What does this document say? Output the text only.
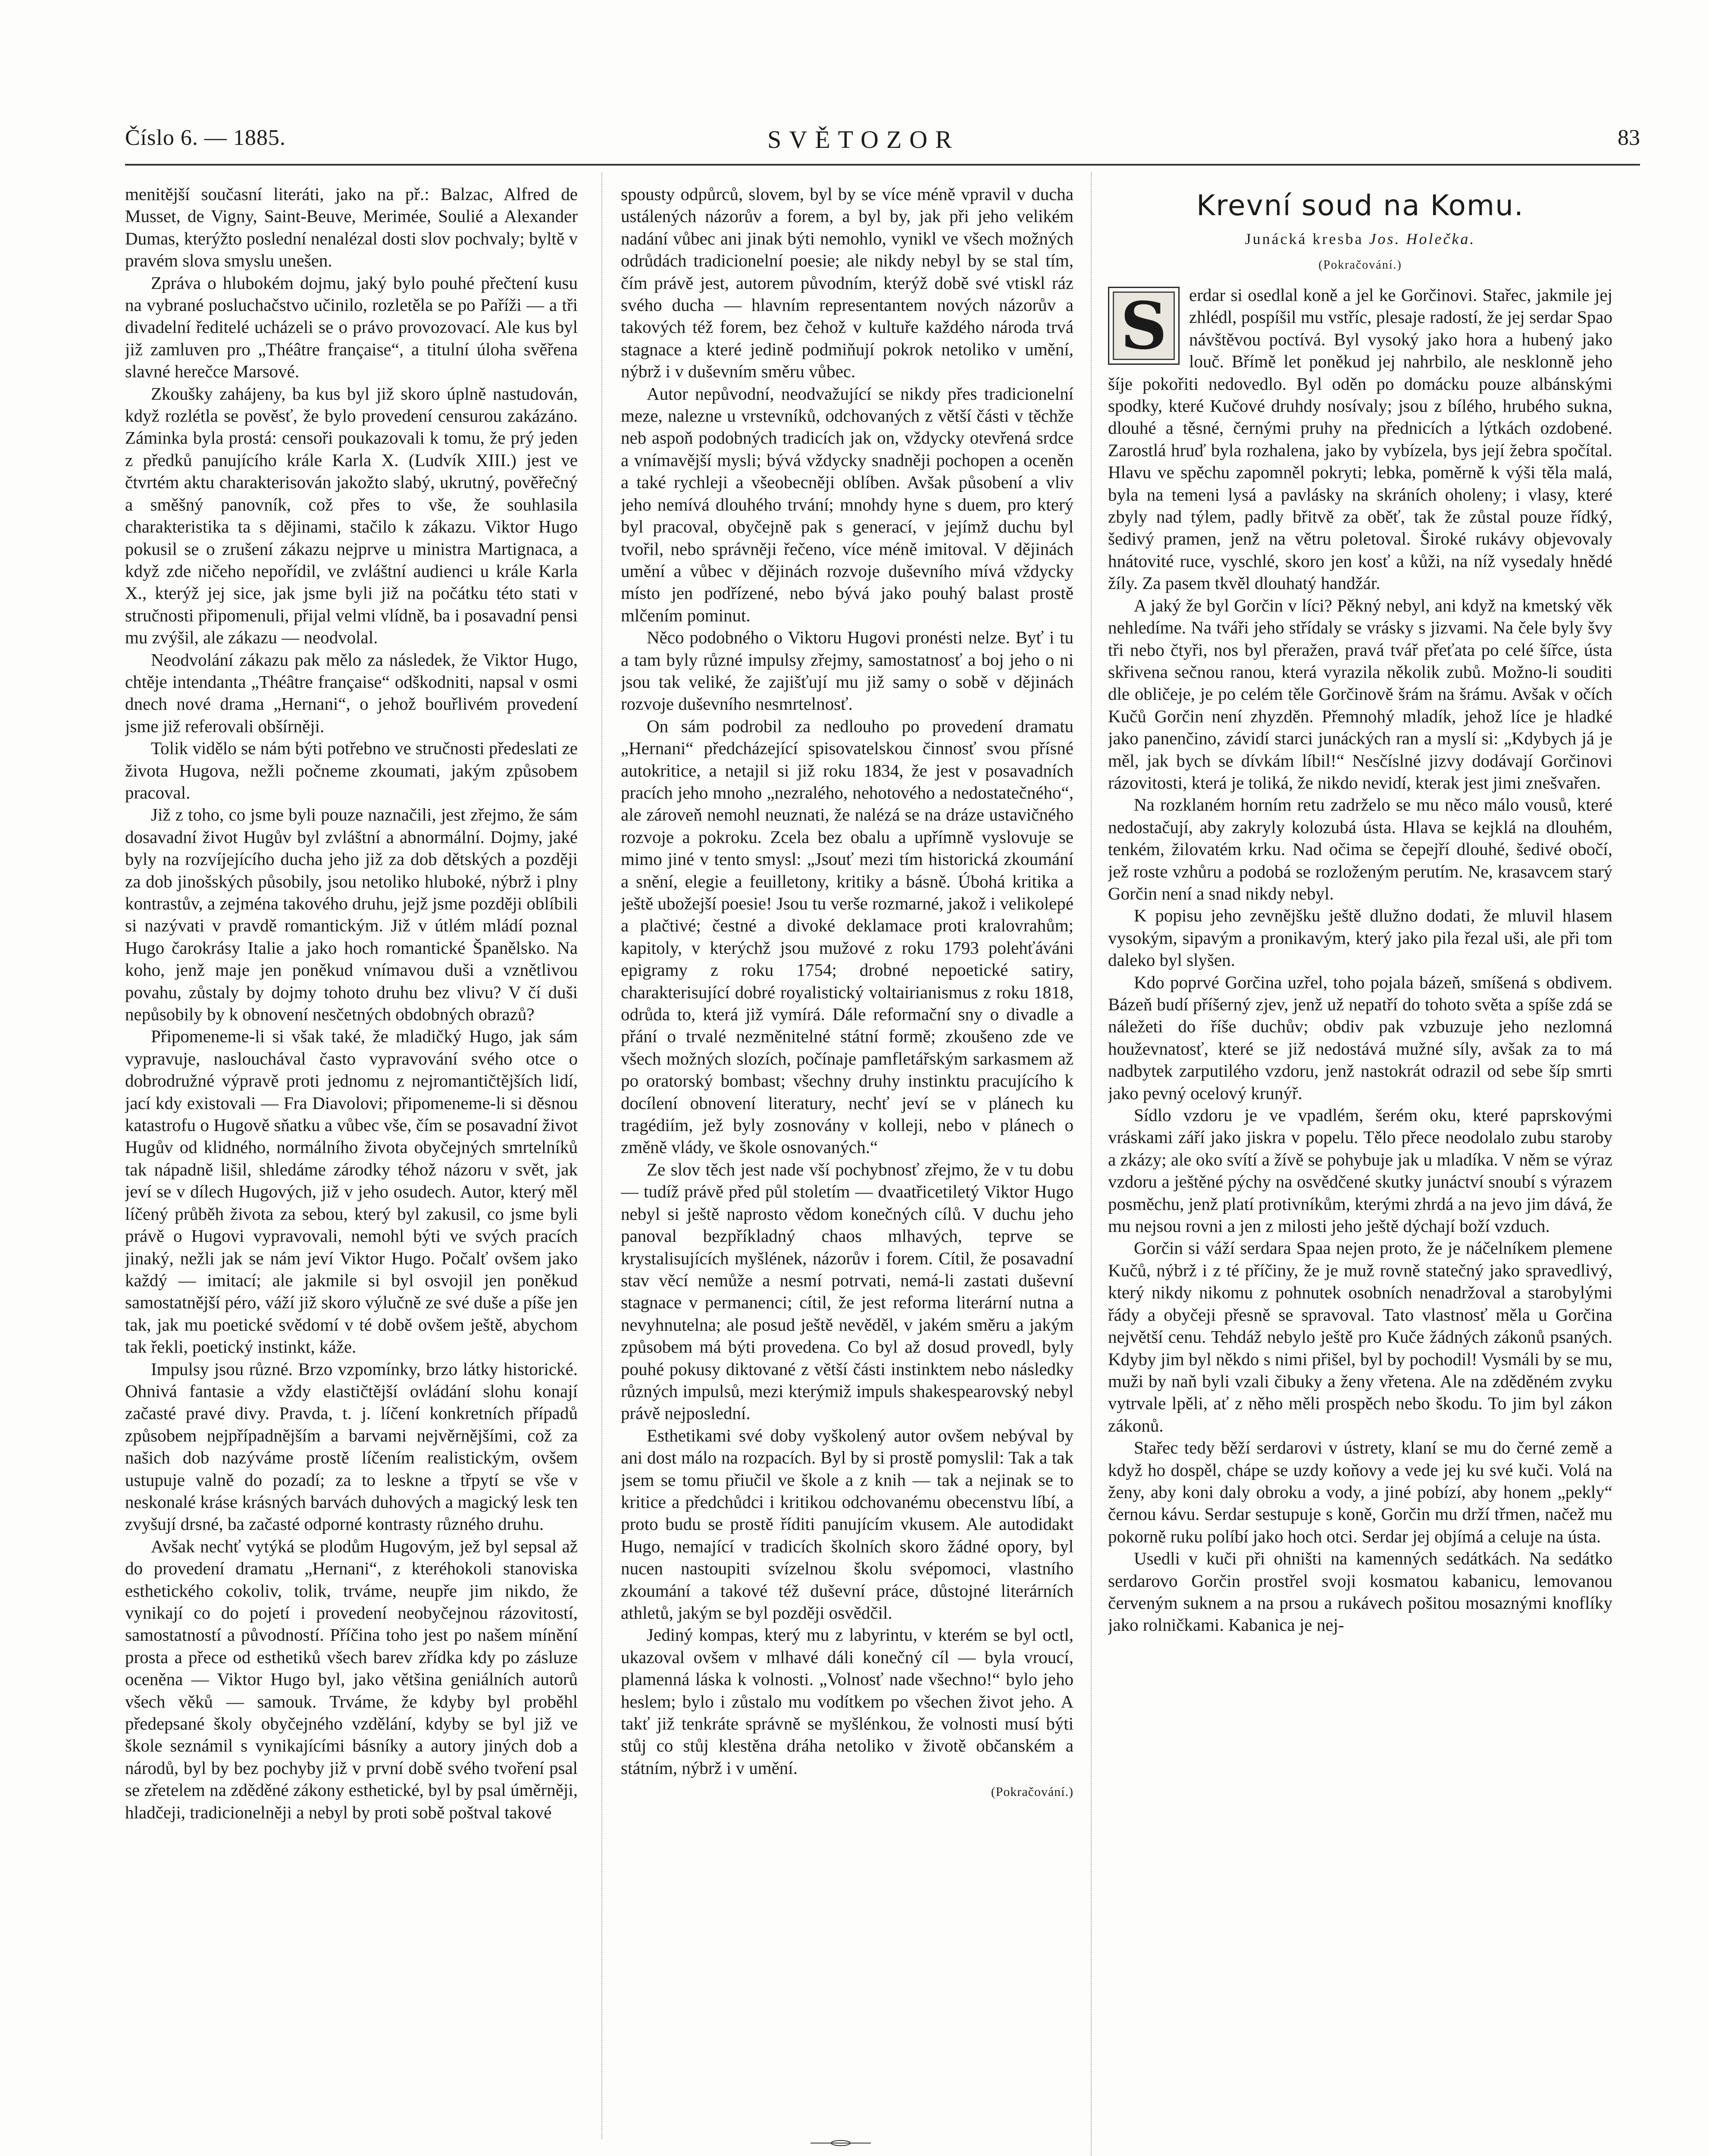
Číslo 6. — 1885.	SVĚTOZOR	83

menitější současní literáti, jako na př.: Balzac, Alfred de Musset, de Vigny, Saint-Beuve, Merimée, Soulié a Alexander Dumas, kterýžto poslední nenalézal dosti slov pochvaly; byltě v pravém slova smyslu unešen.

Zpráva o hlubokém dojmu, jaký bylo pouhé přečtení kusu na vybrané posluchačstvo učinilo, rozletěla se po Paříži — a tři divadelní ředitelé ucházeli se o právo provozovací. Ale kus byl již zamluven pro „Théâtre française“, a titulní úloha svěřena slavné herečce Marsové.

Zkoušky zahájeny, ba kus byl již skoro úplně nastudován, když rozlétla se pověsť, že bylo provedení censurou zakázáno. Záminka byla prostá: censoři poukazovali k tomu, že prý jeden z předků panujícího krále Karla X. (Ludvík XIII.) jest ve čtvrtém aktu charakterisován jakožto slabý, ukrutný, pověřečný a směšný panovník, což přes to vše, že souhlasila charakteristika ta s dějinami, stačilo k zákazu. Viktor Hugo pokusil se o zrušení zákazu nejprve u ministra Martignaca, a když zde ničeho nepořídil, ve zvláštní audienci u krále Karla X., kterýž jej sice, jak jsme byli již na počátku této stati v stručnosti připomenuli, přijal velmi vlídně, ba i posavadní pensi mu zvýšil, ale zákazu — neodvolal.

Neodvolání zákazu pak mělo za následek, že Viktor Hugo, chtěje intendanta „Théâtre française“ odškodniti, napsal v osmi dnech nové drama „Hernani“, o jehož bouřlivém provedení jsme již referovali obšírněji.

Tolik vidělo se nám býti potřebno ve stručnosti předeslati ze života Hugova, nežli počneme zkoumati, jakým způsobem pracoval.

Již z toho, co jsme byli pouze naznačili, jest zřejmo, že sám dosavadní život Hugův byl zvláštní a abnormální. Dojmy, jaké byly na rozvíjejícího ducha jeho již za dob dětských a později za dob jinošských působily, jsou netoliko hluboké, nýbrž i plny kontrastův, a zejména takového druhu, jejž jsme později oblíbili si nazývati v pravdě romantickým. Již v útlém mládí poznal Hugo čarokrásy Italie a jako hoch romantické Španělsko. Na koho, jenž maje jen poněkud vnímavou duši a vznětlivou povahu, zůstaly by dojmy tohoto druhu bez vlivu? V čí duši nepůsobily by k obnovení nesčetných obdobných obrazů?

Připomeneme-li si však také, že mladičký Hugo, jak sám vypravuje, naslouchával často vypravování svého otce o dobrodružné výpravě proti jednomu z nejromantičtějších lidí, jací kdy existovali — Fra Diavolovi; připomeneme-li si děsnou katastrofu o Hugově sňatku a vůbec vše, čím se posavadní život Hugův od klidného, normálního života obyčejných smrtelníků tak nápadně lišil, shledáme zárodky téhož názoru v svět, jak jeví se v dílech Hugových, již v jeho osudech. Autor, který měl líčený průběh života za sebou, který byl zakusil, co jsme byli právě o Hugovi vypravovali, nemohl býti ve svých pracích jinaký, nežli jak se nám jeví Viktor Hugo. Počalť ovšem jako každý — imitací; ale jakmile si byl osvojil jen poněkud samostatnější péro, váží již skoro výlučně ze své duše a píše jen tak, jak mu poetické svědomí v té době ovšem ještě, abychom tak řekli, poetický instinkt, káže.

Impulsy jsou různé. Brzo vzpomínky, brzo látky historické. Ohnivá fantasie a vždy elastičtější ovládání slohu konají začasté pravé divy. Pravda, t. j. líčení konkretních případů způsobem nejpřípadnějším a barvami nejvěrnějšími, což za našich dob nazýváme prostě líčením realistickým, ovšem ustupuje valně do pozadí; za to leskne a třpytí se vše v neskonalé kráse krásných barvách duhových a magický lesk ten zvyšují drsné, ba začasté odporné kontrasty různého druhu.

Avšak nechť vytýká se plodům Hugovým, jež byl sepsal až do provedení dramatu „Hernani“, z kteréhokoli stanoviska esthetického cokoliv, tolik, trváme, neupře jim nikdo, že vynikají co do pojetí i provedení neobyčejnou rázovitostí, samostatností a původností. Příčina toho jest po našem mínění prosta a přece od esthetiků všech barev zřídka kdy po zásluze oceněna — Viktor Hugo byl, jako většina geniálních autorů všech věků — samouk. Trváme, že kdyby byl proběhl předepsané školy obyčejného vzdělání, kdyby se byl již ve škole seznámil s vynikajícími básníky a autory jiných dob a národů, byl by bez pochyby již v první době svého tvoření psal se zřetelem na zděděné zákony esthetické, byl by psal úměrněji, hladčeji, tradicionelněji a nebyl by proti sobě poštval takové

spousty odpůrců, slovem, byl by se více méně vpravil v ducha ustálených názorův a forem, a byl by, jak při jeho velikém nadání vůbec ani jinak býti nemohlo, vynikl ve všech možných odrůdách tradicionelní poesie; ale nikdy nebyl by se stal tím, čím právě jest, autorem původním, kterýž době své vtiskl ráz svého ducha — hlavním representantem nových názorův a takových též forem, bez čehož v kultuře každého národa trvá stagnace a které jedině podmiňují pokrok netoliko v umění, nýbrž i v duševním směru vůbec.

Autor nepůvodní, neodvažující se nikdy přes tradicionelní meze, nalezne u vrstevníků, odchovaných z větší části v těchže neb aspoň podobných tradicích jak on, vždycky otevřená srdce a vnímavější mysli; bývá vždycky snadněji pochopen a oceněn a také rychleji a všeobecněji oblíben. Avšak působení a vliv jeho nemívá dlouhého trvání; mnohdy hyne s duem, pro který byl pracoval, obyčejně pak s generací, v jejímž duchu byl tvořil, nebo správněji řečeno, více méně imitoval. V dějinách umění a vůbec v dějinách rozvoje duševního mívá vždycky místo jen podřízené, nebo bývá jako pouhý balast prostě mlčením pominut.

Něco podobného o Viktoru Hugovi pronésti nelze. Byť i tu a tam byly různé impulsy zřejmy, samostatnosť a boj jeho o ni jsou tak veliké, že zajišťují mu již samy o sobě v dějinách rozvoje duševního nesmrtelnosť.

On sám podrobil za nedlouho po provedení dramatu „Hernani“ předcházející spisovatelskou činnosť svou přísné autokritice, a netajil si již roku 1834, že jest v posavadních pracích jeho mnoho „nezralého, nehotového a nedostatečného“, ale zároveň nemohl neuznati, že nalézá se na dráze ustavičného rozvoje a pokroku. Zcela bez obalu a upřímně vyslovuje se mimo jiné v tento smysl: „Jsouť mezi tím historická zkoumání a snění, elegie a feuilletony, kritiky a básně. Úbohá kritika a ještě ubožejší poesie! Jsou tu verše rozmarné, jakož i velikolepé a plačtivé; čestné a divoké deklamace proti kralovrahům; kapitoly, v kterýchž jsou mužové z roku 1793 polehťáváni epigramy z roku 1754; drobné nepoetické satiry, charakterisující dobré royalistický voltairianismus z roku 1818, odrůda to, která již vymírá. Dále reformační sny o divadle a přání o trvalé nezměnitelné státní formě; zkoušeno zde ve všech možných slozích, počínaje pamfletářským sarkasmem až po oratorský bombast; všechny druhy instinktu pracujícího k docílení obnovení literatury, nechť jeví se v plánech ku tragédiím, jež byly zosnovány v kolleji, nebo v plánech o změně vlády, ve škole osnovaných.“

Ze slov těch jest nade vší pochybnosť zřejmo, že v tu dobu — tudíž právě před půl stoletím — dvaatřicetiletý Viktor Hugo nebyl si ještě naprosto vědom konečných cílů. V duchu jeho panoval bezpříkladný chaos mlhavých, teprve se krystalisujících myšlének, názorův i forem. Cítil, že posavadní stav věcí nemůže a nesmí potrvati, nemá-li zastati duševní stagnace v permanenci; cítil, že jest reforma literární nutna a nevyhnutelna; ale posud ještě nevěděl, v jakém směru a jakým způsobem má býti provedena. Co byl až dosud provedl, byly pouhé pokusy diktované z větší části instinktem nebo následky různých impulsů, mezi kterýmiž impuls shakespearovský nebyl právě nejposlední.

Esthetikami své doby vyškolený autor ovšem nebýval by ani dost málo na rozpacích. Byl by si prostě pomyslil: Tak a tak jsem se tomu přiučil ve škole a z knih — tak a nejinak se to kritice a předchůdci i kritikou odchovanému obecenstvu líbí, a proto budu se prostě říditi panujícím vkusem. Ale autodidakt Hugo, nemající v tradicích školních skoro žádné opory, byl nucen nastoupiti svízelnou školu svépomoci, vlastního zkoumání a takové též duševní práce, důstojné literárních athletů, jakým se byl později osvědčil.

Jediný kompas, který mu z labyrintu, v kterém se byl octl, ukazoval ovšem v mlhavé dáli konečný cíl — byla vroucí, plamenná láska k volnosti. „Volnosť nade všechno!“ bylo jeho heslem; bylo i zůstalo mu vodítkem po všechen život jeho. A takť již tenkráte správně se myšlénkou, že volnosti musí býti stůj co stůj klestěna dráha netoliko v životě občanském a státním, nýbrž i v umění.

(Pokračování.)
Krevní soud na Komu.
Junácká kresba Jos. Holečka.
(Pokračování.)

S erdar si osedlal koně a jel ke Gorčinovi. Stařec, jakmile jej zhlédl, pospíšil mu vstříc, plesaje radostí, že jej serdar Spao návštěvou poctívá. Byl vysoký jako hora a hubený jako louč. Břímě let poněkud jej nahrbilo, ale nesklonně jeho šíje pokořiti nedovedlo. Byl oděn po domácku pouze albánskými spodky, které Kučové druhdy nosívaly; jsou z bílého, hrubého sukna, dlouhé a těsné, černými pruhy na přednicích a lýtkách ozdobené. Zarostlá hruď byla rozhalena, jako by vybízela, bys její žebra spočítal. Hlavu ve spěchu zapomněl pokryti; lebka, poměrně k výši těla malá, byla na temeni lysá a pavlásky na skráních oholeny; i vlasy, které zbyly nad týlem, padly břitvě za oběť, tak že zůstal pouze řídký, šedivý pramen, jenž na větru poletoval. Široké rukávy objevovaly hnátovité ruce, vyschlé, skoro jen kosť a kůži, na níž vysedaly hnědé žíly. Za pasem tkvěl dlouhatý handžár.

A jaký že byl Gorčin v líci? Pěkný nebyl, ani když na kmetský věk nehledíme. Na tváři jeho střídaly se vrásky s jizvami. Na čele byly švy tři nebo čtyři, nos byl přeražen, pravá tvář přeťata po celé šířce, ústa skřivena sečnou ranou, která vyrazila několik zubů. Možno-li souditi dle obličeje, je po celém těle Gorčinově šrám na šrámu. Avšak v očích Kučů Gorčin není zhyzděn. Přemnohý mladík, jehož líce je hladké jako panenčino, závidí starci junáckých ran a myslí si: „Kdybych já je měl, jak bych se dívkám líbil!“ Nesčíslné jizvy dodávají Gorčinovi rázovitosti, která je toliká, že nikdo nevidí, kterak jest jimi znešvařen.

Na rozklaném horním retu zadrželo se mu něco málo vousů, které nedostačují, aby zakryly kolozubá ústa. Hlava se kejklá na dlouhém, tenkém, žilovatém krku. Nad očima se čepejří dlouhé, šedivé obočí, jež roste vzhůru a podobá se rozloženým perutím. Ne, krasavcem starý Gorčin není a snad nikdy nebyl.

K popisu jeho zevnějšku ještě dlužno dodati, že mluvil hlasem vysokým, sipavým a pronikavým, který jako pila řezal uši, ale při tom daleko byl slyšen.

Kdo poprvé Gorčina uzřel, toho pojala bázeň, smíšená s obdivem. Bázeň budí příšerný zjev, jenž už nepatří do tohoto světa a spíše zdá se náležeti do říše duchův; obdiv pak vzbuzuje jeho nezlomná houževnatosť, které se již nedostává mužné síly, avšak za to má nadbytek zarputilého vzdoru, jenž nastokrát odrazil od sebe šíp smrti jako pevný ocelový krunýř.

Sídlo vzdoru je ve vpadlém, šerém oku, které paprskovými vráskami září jako jiskra v popelu. Tělo přece neodolalo zubu staroby a zkázy; ale oko svítí a žívě se pohybuje jak u mladíka. V něm se výraz vzdoru a ještěné pýchy na osvědčené skutky junáctví snoubí s výrazem posměchu, jenž platí protivníkům, kterými zhrdá a na jevo jim dává, že mu nejsou rovni a jen z milosti jeho ještě dýchají boží vzduch.

Gorčin si váží serdara Spaa nejen proto, že je náčelníkem plemene Kučů, nýbrž i z té příčiny, že je muž rovně statečný jako spravedlivý, který nikdy nikomu z pohnutek osobních nenadržoval a starobylými řády a obyčeji přesně se spravoval. Tato vlastnosť měla u Gorčina největší cenu. Tehdáž nebylo ještě pro Kuče žádných zákonů psaných. Kdyby jim byl někdo s nimi přišel, byl by pochodil! Vysmáli by se mu, muži by naň byli vzali čibuky a ženy vřetena. Ale na zděděném zvyku vytrvale lpěli, ať z něho měli prospěch nebo škodu. To jim byl zákon zákonů.

Stařec tedy běží serdarovi v ústrety, klaní se mu do černé země a když ho dospěl, chápe se uzdy koňovy a vede jej ku své kuči. Volá na ženy, aby koni daly obroku a vody, a jiné pobízí, aby honem „pekly“ černou kávu. Serdar sestupuje s koně, Gorčin mu drží třmen, načež mu pokorně ruku políbí jako hoch otci. Serdar jej objímá a celuje na ústa.

Usedli v kuči při ohništi na kamenných sedátkách. Na sedátko serdarovo Gorčin prostřel svoji kosmatou kabanicu, lemovanou červeným suknem a na prsou a rukávech pošitou mosaznými knoflíky jako rolničkami. Kabanica je nej-
